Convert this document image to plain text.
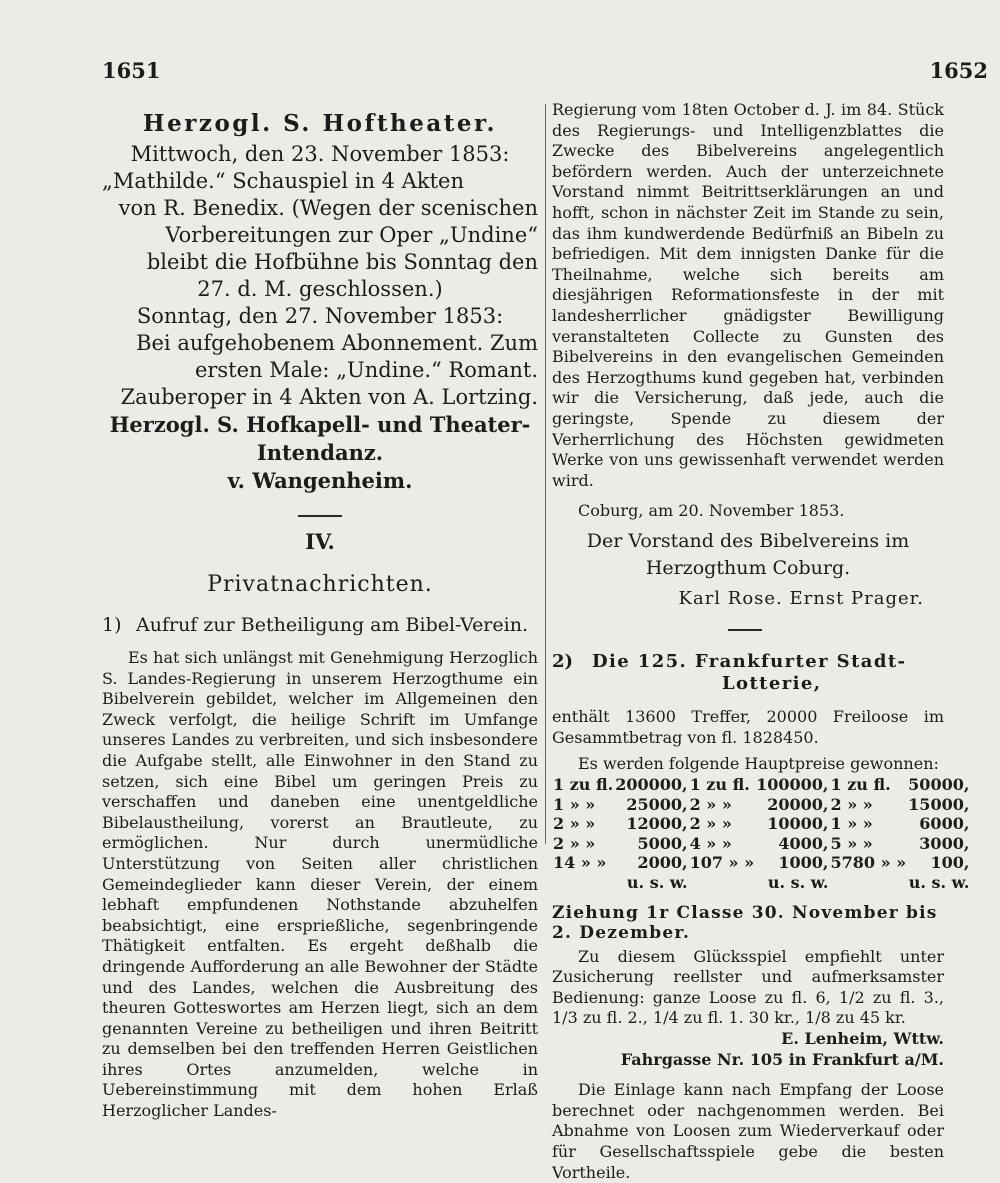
1651	1652
Herzogl. S. Hoftheater.
Mittwoch, den 23. November 1853:
„Mathilde.“ Schauspiel in 4 Akten
von R. Benedix. (Wegen der scenischen
Vorbereitungen zur Oper „Undine“
bleibt die Hofbühne bis Sonntag den
27. d. M. geschlossen.)
Sonntag, den 27. November 1853:
Bei aufgehobenem Abonnement. Zum
ersten Male: „Undine.“ Romant.
Zauberoper in 4 Akten von A. Lortzing.
Herzogl. S. Hofkapell- und Theater-
Intendanz.
v. Wangenheim.
IV.
Privatnachrichten.
1) Aufruf zur Betheiligung am Bibel-Verein.

Es hat sich unlängst mit Genehmigung Herzoglich S. Landes-Regierung in unserem Herzogthume ein Bibelverein gebildet, welcher im Allgemeinen den Zweck verfolgt, die heilige Schrift im Umfange unseres Landes zu verbreiten, und sich insbesondere die Aufgabe stellt, alle Einwohner in den Stand zu setzen, sich eine Bibel um geringen Preis zu verschaffen und daneben eine unentgeldliche Bibelaustheilung, vorerst an Brautleute, zu ermöglichen. Nur durch unermüdliche Unterstützung von Seiten aller christlichen Gemeindeglieder kann dieser Verein, der einem lebhaft empfundenen Nothstande abzuhelfen beabsichtigt, eine ersprießliche, segenbringende Thätigkeit entfalten. Es ergeht deßhalb die dringende Aufforderung an alle Bewohner der Städte und des Landes, welchen die Ausbreitung des theuren Gotteswortes am Herzen liegt, sich an dem genannten Vereine zu betheiligen und ihren Beitritt zu demselben bei den treffenden Herren Geistlichen ihres Ortes anzumelden, welche in Uebereinstimmung mit dem hohen Erlaß Herzoglicher Landes-

Regierung vom 18ten October d. J. im 84. Stück des Regierungs- und Intelligenzblattes die Zwecke des Bibelvereins angelegentlich befördern werden. Auch der unterzeichnete Vorstand nimmt Beitrittserklärungen an und hofft, schon in nächster Zeit im Stande zu sein, das ihm kundwerdende Bedürfniß an Bibeln zu befriedigen. Mit dem innigsten Danke für die Theilnahme, welche sich bereits am diesjährigen Reformationsfeste in der mit landesherrlicher gnädigster Bewilligung veranstalteten Collecte zu Gunsten des Bibelvereins in den evangelischen Gemeinden des Herzogthums kund gegeben hat, verbinden wir die Versicherung, daß jede, auch die geringste, Spende zu diesem der Verherrlichung des Höchsten gewidmeten Werke von uns gewissenhaft verwendet werden wird.

Coburg, am 20. November 1853.
Der Vorstand des Bibelvereins im
Herzogthum Coburg.
Karl Rose. Ernst Prager.
2) Die 125. Frankfurter Stadt-
Lotterie,

enthält 13600 Treffer, 20000 Freiloose im Gesammtbetrag von fl. 1828450.

Es werden folgende Hauptpreise gewonnen:

1 zu fl.	200000,	1 zu fl.	100000,	1 zu fl.	50000,
1 » »	25000,	2 » »	20000,	2 » »	15000,
2 » »	12000,	2 » »	10000,	1 » »	6000,
2 » »	5000,	4 » »	4000,	5 » »	3000,
14 » »	2000,	107 » »	1000,	5780 » »	100,
	u. s. w.		u. s. w.		u. s. w.
Ziehung 1r Classe 30. November bis 2. Dezember.

Zu diesem Glücksspiel empfiehlt unter Zusicherung reellster und aufmerksamster Bedienung: ganze Loose zu fl. 6, 1/2 zu fl. 3., 1/3 zu fl. 2., 1/4 zu fl. 1. 30 kr., 1/8 zu 45 kr.

E. Lenheim, Wttw.
Fahrgasse Nr. 105 in Frankfurt a/M.

Die Einlage kann nach Empfang der Loose berechnet oder nachgenommen werden. Bei Abnahme von Loosen zum Wiederverkauf oder für Gesellschaftsspiele gebe die besten Vortheile.
